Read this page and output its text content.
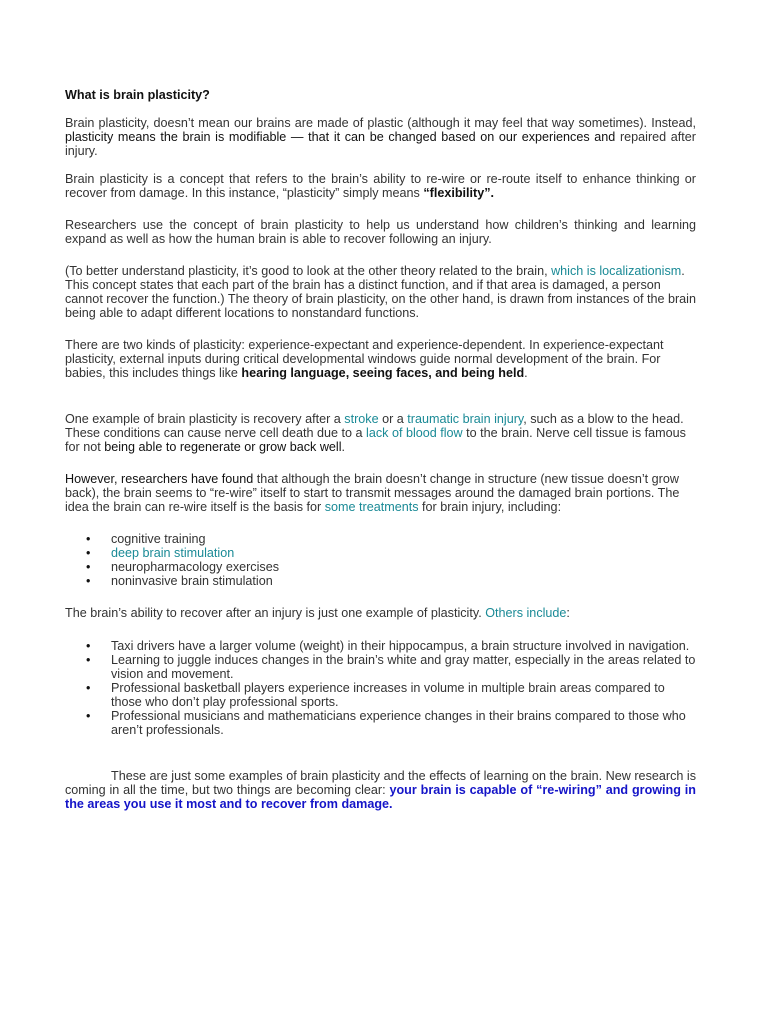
What is brain plasticity?

Brain plasticity, doesn’t mean our brains are made of plastic (although it may feel that way sometimes). Instead, plasticity means the brain is modifiable — that it can be changed based on our experiences and repaired after injury.

Brain plasticity is a concept that refers to the brain’s ability to re-wire or re-route itself to enhance thinking or recover from damage. In this instance, “plasticity” simply means “flexibility”.

Researchers use the concept of brain plasticity to help us understand how children’s thinking and learning expand as well as how the human brain is able to recover following an injury.

(To better understand plasticity, it’s good to look at the other theory related to the brain, which is localizationism. This concept states that each part of the brain has a distinct function, and if that area is damaged, a person cannot recover the function.) The theory of brain plasticity, on the other hand, is drawn from instances of the brain being able to adapt different locations to nonstandard functions.

There are two kinds of plasticity: experience-expectant and experience-dependent. In experience-expectant plasticity, external inputs during critical developmental windows guide normal development of the brain. For babies, this includes things like hearing language, seeing faces, and being held.

One example of brain plasticity is recovery after a stroke or a traumatic brain injury, such as a blow to the head. These conditions can cause nerve cell death due to a lack of blood flow to the brain. Nerve cell tissue is famous for not being able to regenerate or grow back well.

However, researchers have found that although the brain doesn’t change in structure (new tissue doesn’t grow back), the brain seems to “re-wire” itself to start to transmit messages around the damaged brain portions. The idea the brain can re-wire itself is the basis for some treatments for brain injury, including:

• cognitive training
• deep brain stimulation
• neuropharmacology exercises
• noninvasive brain stimulation

The brain’s ability to recover after an injury is just one example of plasticity. Others include:

• Taxi drivers have a larger volume (weight) in their hippocampus, a brain structure involved in navigation.
• Learning to juggle induces changes in the brain’s white and gray matter, especially in the areas related to vision and movement.
• Professional basketball players experience increases in volume in multiple brain areas compared to those who don’t play professional sports.
• Professional musicians and mathematicians experience changes in their brains compared to those who aren’t professionals.

These are just some examples of brain plasticity and the effects of learning on the brain. New research is coming in all the time, but two things are becoming clear: your brain is capable of “re-wiring” and growing in the areas you use it most and to recover from damage.
